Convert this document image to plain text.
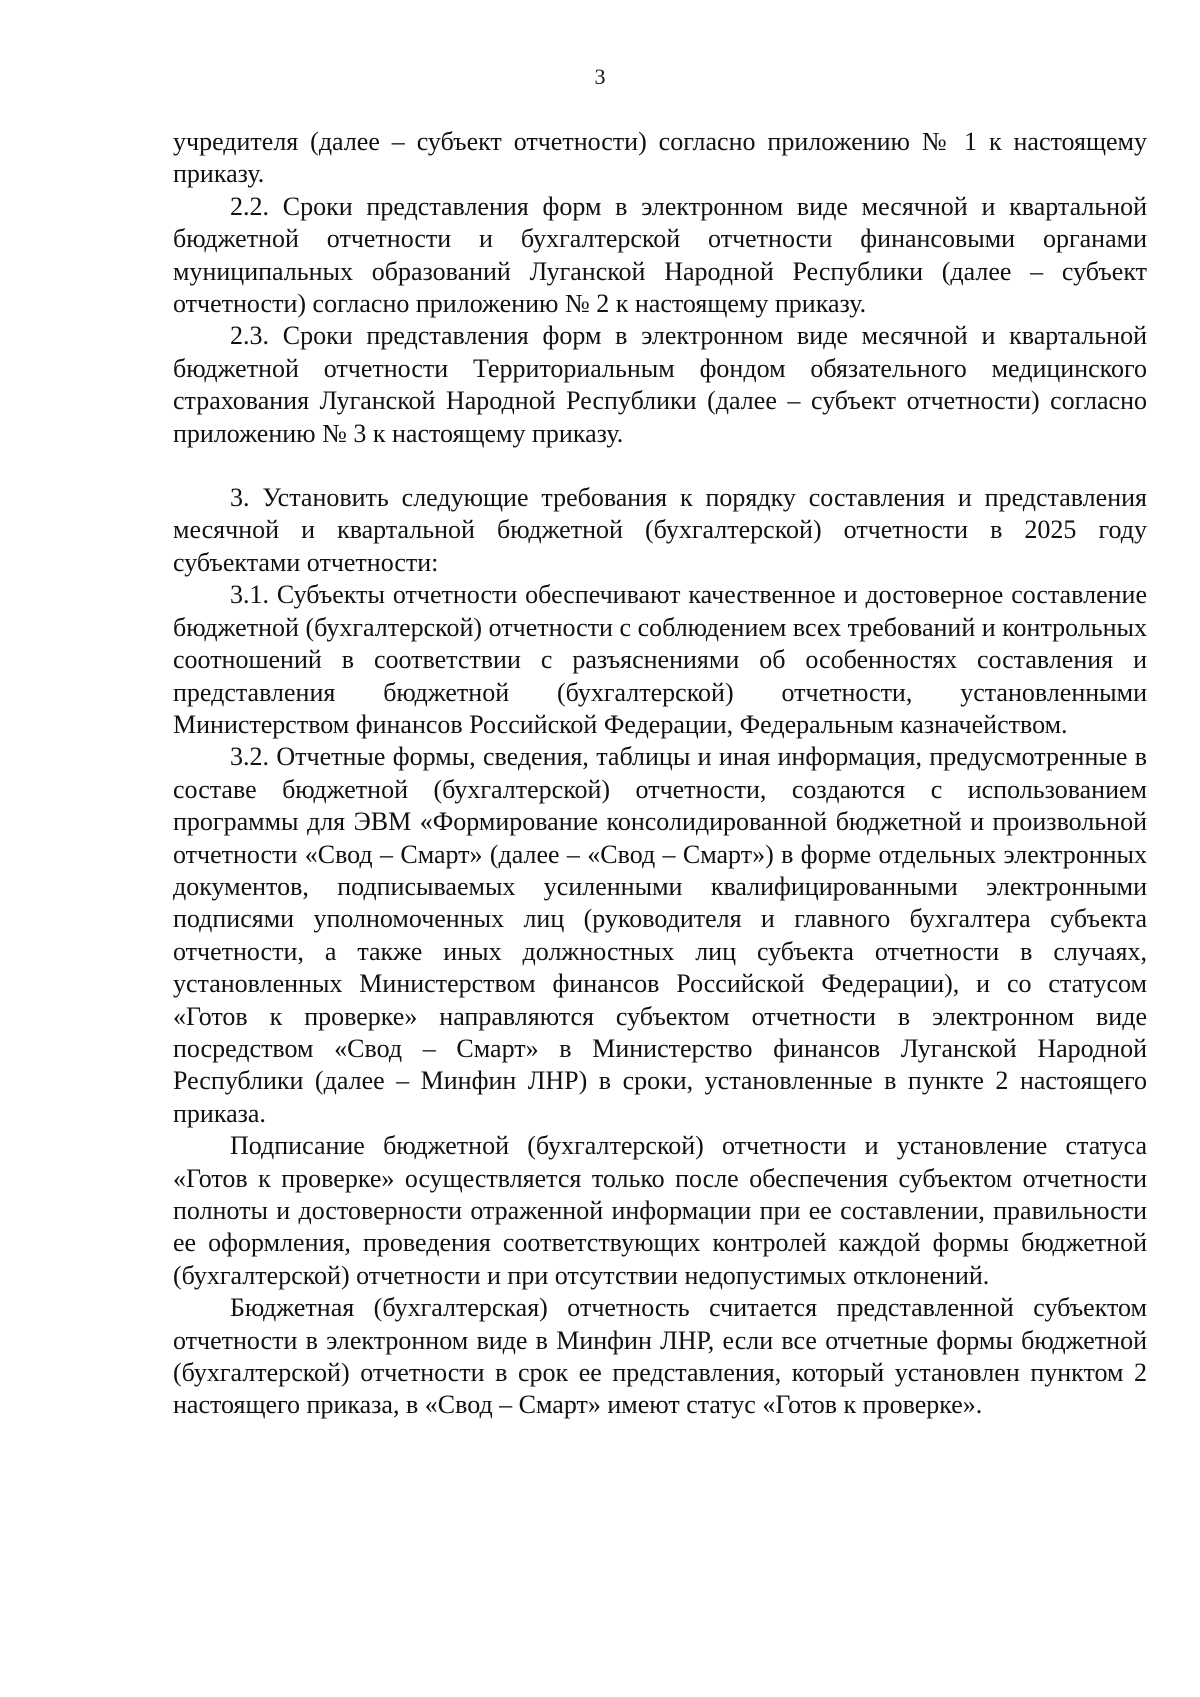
3

учредителя (далее – субъект отчетности) согласно приложению № 1 к настоящему приказу.

2.2. Сроки представления форм в электронном виде месячной и квартальной бюджетной отчетности и бухгалтерской отчетности финансовыми органами муниципальных образований Луганской Народной Республики (далее – субъект отчетности) согласно приложению № 2 к настоящему приказу.

2.3. Сроки представления форм в электронном виде месячной и квартальной бюджетной отчетности Территориальным фондом обязательного медицинского страхования Луганской Народной Республики (далее – субъект отчетности) согласно приложению № 3 к настоящему приказу.

3. Установить следующие требования к порядку составления и представления месячной и квартальной бюджетной (бухгалтерской) отчетности в 2025 году субъектами отчетности:

3.1. Субъекты отчетности обеспечивают качественное и достоверное составление бюджетной (бухгалтерской) отчетности с соблюдением всех требований и контрольных соотношений в соответствии с разъяснениями об особенностях составления и представления бюджетной (бухгалтерской) отчетности, установленными Министерством финансов Российской Федерации, Федеральным казначейством.

3.2. Отчетные формы, сведения, таблицы и иная информация, предусмотренные в составе бюджетной (бухгалтерской) отчетности, создаются с использованием программы для ЭВМ «Формирование консолидированной бюджетной и произвольной отчетности «Свод – Смарт» (далее – «Свод – Смарт») в форме отдельных электронных документов, подписываемых усиленными квалифицированными электронными подписями уполномоченных лиц (руководителя и главного бухгалтера субъекта отчетности, а также иных должностных лиц субъекта отчетности в случаях, установленных Министерством финансов Российской Федерации), и со статусом «Готов к проверке» направляются субъектом отчетности в электронном виде посредством «Свод – Смарт» в Министерство финансов Луганской Народной Республики (далее – Минфин ЛНР) в сроки, установленные в пункте 2 настоящего приказа.

Подписание бюджетной (бухгалтерской) отчетности и установление статуса «Готов к проверке» осуществляется только после обеспечения субъектом отчетности полноты и достоверности отраженной информации при ее составлении, правильности ее оформления, проведения соответствующих контролей каждой формы бюджетной (бухгалтерской) отчетности и при отсутствии недопустимых отклонений.

Бюджетная (бухгалтерская) отчетность считается представленной субъектом отчетности в электронном виде в Минфин ЛНР, если все отчетные формы бюджетной (бухгалтерской) отчетности в срок ее представления, который установлен пунктом 2 настоящего приказа, в «Свод – Смарт» имеют статус «Готов к проверке».
